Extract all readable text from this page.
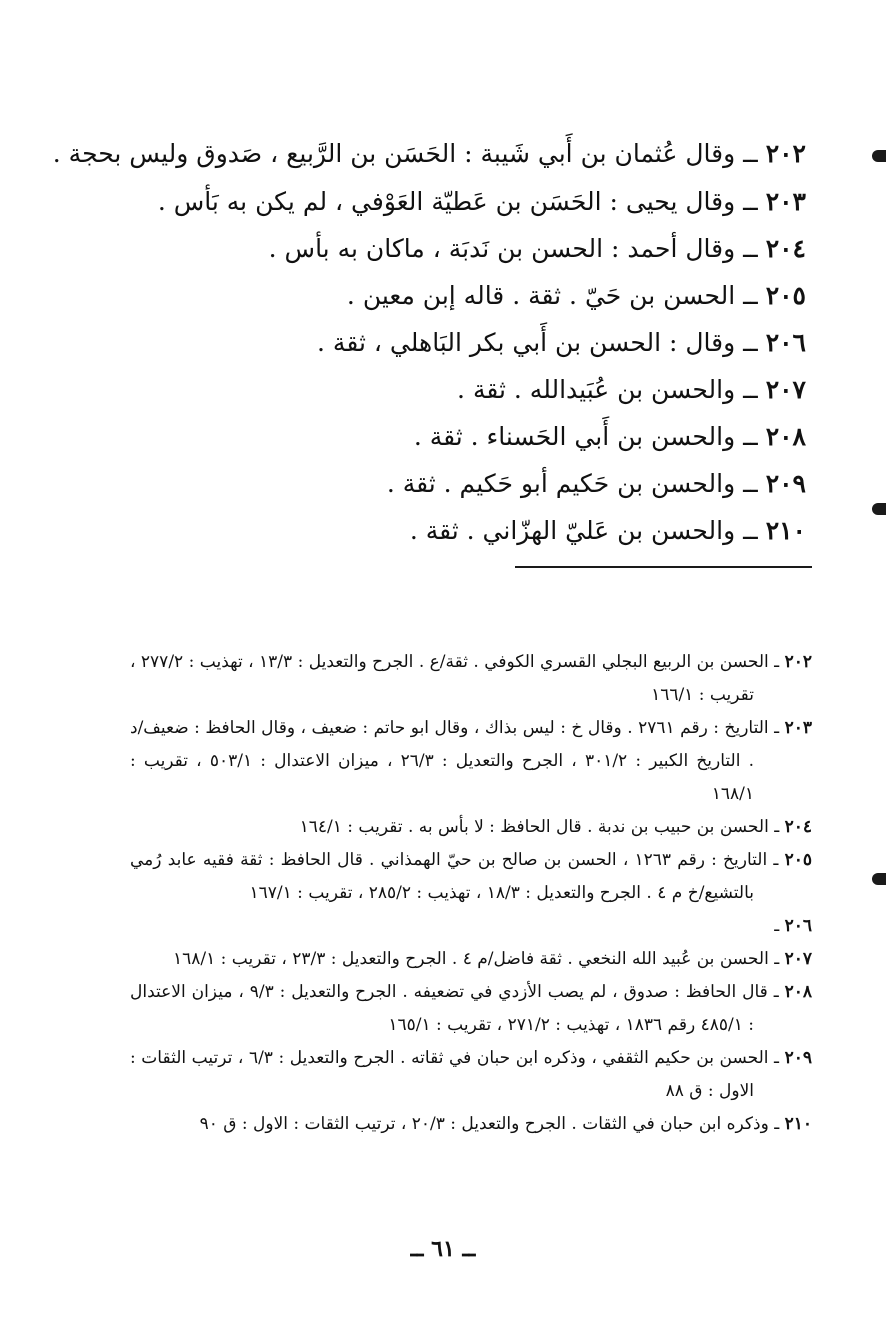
٢٠٢ ــ وقال عُثمان بن أَبي شَيبة : الحَسَن بن الرَّبيع ، صَدوق وليس بحجة .
٢٠٣ ــ وقال يحيى : الحَسَن بن عَطيّة العَوْفي ، لم يكن به بَأس .
٢٠٤ ــ وقال أحمد : الحسن بن نَدبَة ، ماكان به بأس .
٢٠٥ ــ الحسن بن حَيّ . ثقة . قاله إبن معين .
٢٠٦ ــ وقال : الحسن بن أَبي بكر البَاهلي ، ثقة .
٢٠٧ ــ والحسن بن عُبَيدالله . ثقة .
٢٠٨ ــ والحسن بن أَبي الحَسناء . ثقة .
٢٠٩ ــ والحسن بن حَكيم أبو حَكيم . ثقة .
٢١٠ ــ والحسن بن عَليّ الهزّاني . ثقة .
٢٠٢ ـ الحسن بن الربيع البجلي القسري الكوفي . ثقة/ع . الجرح والتعديل : ١٣/٣ ، تهذيب : ٢٧٧/٢ ، تقريب : ١٦٦/١
٢٠٣ ـ التاريخ : رقم ٢٧٦١ . وقال خ : ليس بذاك ، وقال ابو حاتم : ضعيف ، وقال الحافظ : ضعيف/د . التاريخ الكبير : ٣٠١/٢ ، الجرح والتعديل : ٢٦/٣ ، ميزان الاعتدال : ٥٠٣/١ ، تقريب : ١٦٨/١
٢٠٤ ـ الحسن بن حبيب بن ندبة . قال الحافظ : لا بأس به . تقريب : ١٦٤/١
٢٠٥ ـ التاريخ : رقم ١٢٦٣ ، الحسن بن صالح بن حيّ الهمذاني . قال الحافظ : ثقة فقيه عابد رُمي بالتشيع/خ م ٤ . الجرح والتعديل : ١٨/٣ ، تهذيب : ٢٨٥/٢ ، تقريب : ١٦٧/١
٢٠٦ ـ
٢٠٧ ـ الحسن بن عُبيد الله النخعي . ثقة فاضل/م ٤ . الجرح والتعديل : ٢٣/٣ ، تقريب : ١٦٨/١
٢٠٨ ـ قال الحافظ : صدوق ، لم يصب الأزدي في تضعيفه . الجرح والتعديل : ٩/٣ ، ميزان الاعتدال : ٤٨٥/١ رقم ١٨٣٦ ، تهذيب : ٢٧١/٢ ، تقريب : ١٦٥/١
٢٠٩ ـ الحسن بن حكيم الثقفي ، وذكره ابن حبان في ثقاته . الجرح والتعديل : ٦/٣ ، ترتيب الثقات : الاول : ق ٨٨
٢١٠ ـ وذكره ابن حبان في الثقات . الجرح والتعديل : ٢٠/٣ ، ترتيب الثقات : الاول : ق ٩٠
ــ ٦١ ــ
